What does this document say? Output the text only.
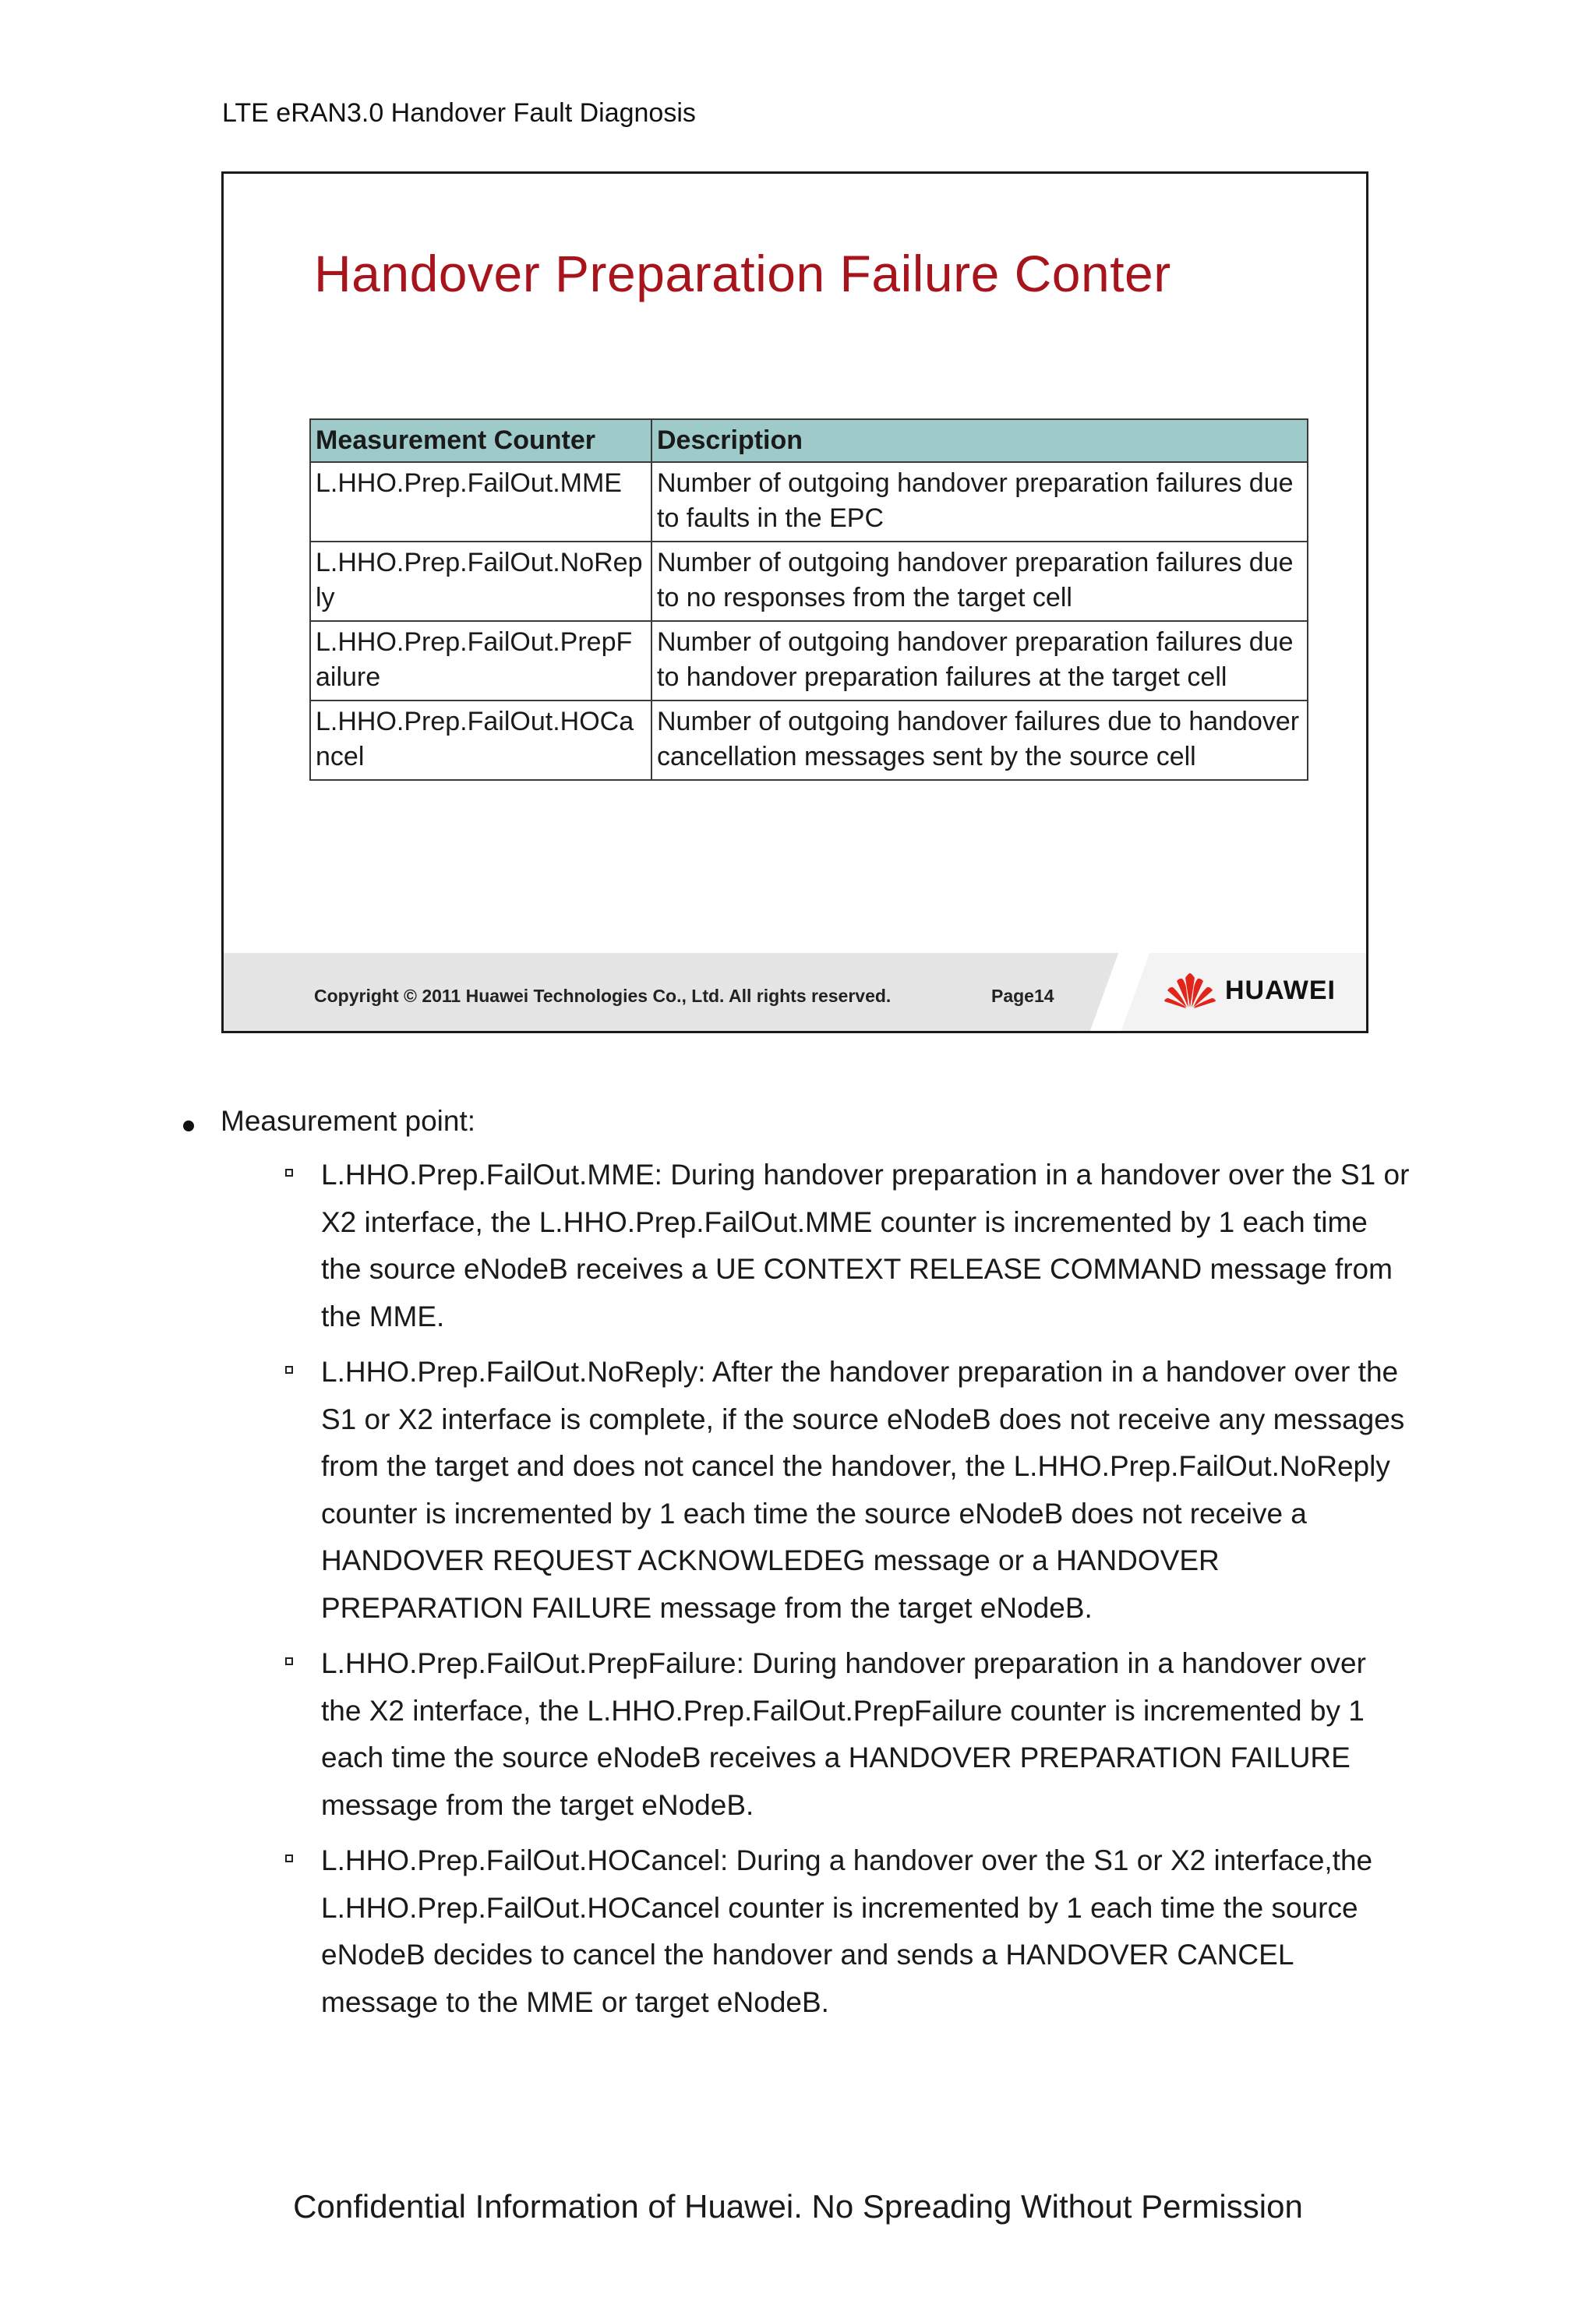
LTE eRAN3.0 Handover Fault Diagnosis
Handover Preparation Failure Conter
Measurement Counter	Description
L.HHO.Prep.FailOut.MME	Number of outgoing handover preparation failures due to faults in the EPC
L.HHO.Prep.FailOut.NoReply	Number of outgoing handover preparation failures due to no responses from the target cell
L.HHO.Prep.FailOut.PrepFailure	Number of outgoing handover preparation failures due to handover preparation failures at the target cell
L.HHO.Prep.FailOut.HOCancel	Number of outgoing handover failures due to handover cancellation messages sent by the source cell
Copyright © 2011 Huawei Technologies Co., Ltd. All rights reserved.	Page14	HUAWEI
Measurement point:
L.HHO.Prep.FailOut.MME: During handover preparation in a handover over the S1 or X2 interface, the L.HHO.Prep.FailOut.MME counter is incremented by 1 each time the source eNodeB receives a UE CONTEXT RELEASE COMMAND message from the MME.
L.HHO.Prep.FailOut.NoReply: After the handover preparation in a handover over the S1 or X2 interface is complete, if the source eNodeB does not receive any messages from the target and does not cancel the handover, the L.HHO.Prep.FailOut.NoReply counter is incremented by 1 each time the source eNodeB does not receive a HANDOVER REQUEST ACKNOWLEDEG message or a HANDOVER PREPARATION FAILURE message from the target eNodeB.
L.HHO.Prep.FailOut.PrepFailure: During handover preparation in a handover over the X2 interface, the L.HHO.Prep.FailOut.PrepFailure counter is incremented by 1 each time the source eNodeB receives a HANDOVER PREPARATION FAILURE message from the target eNodeB.
L.HHO.Prep.FailOut.HOCancel: During a handover over the S1 or X2 interface,the L.HHO.Prep.FailOut.HOCancel counter is incremented by 1 each time the source eNodeB decides to cancel the handover and sends a HANDOVER CANCEL message to the MME or target eNodeB.
Confidential Information of Huawei. No Spreading Without Permission
